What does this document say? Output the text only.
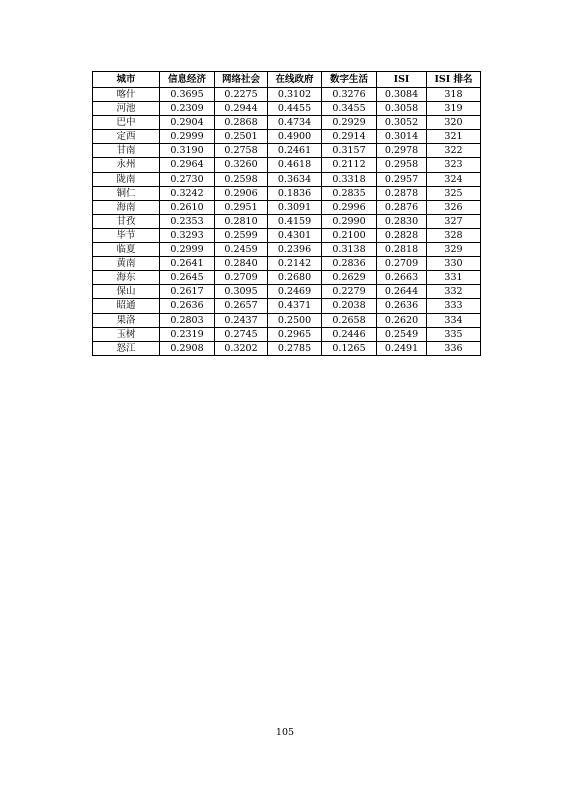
城市	信息经济	网络社会	在线政府	数字生活	ISI	ISI 排名
喀什	0.3695	0.2275	0.3102	0.3276	0.3084	318
河池	0.2309	0.2944	0.4455	0.3455	0.3058	319
巴中	0.2904	0.2868	0.4734	0.2929	0.3052	320
定西	0.2999	0.2501	0.4900	0.2914	0.3014	321
甘南	0.3190	0.2758	0.2461	0.3157	0.2978	322
永州	0.2964	0.3260	0.4618	0.2112	0.2958	323
陇南	0.2730	0.2598	0.3634	0.3318	0.2957	324
铜仁	0.3242	0.2906	0.1836	0.2835	0.2878	325
海南	0.2610	0.2951	0.3091	0.2996	0.2876	326
甘孜	0.2353	0.2810	0.4159	0.2990	0.2830	327
毕节	0.3293	0.2599	0.4301	0.2100	0.2828	328
临夏	0.2999	0.2459	0.2396	0.3138	0.2818	329
黄南	0.2641	0.2840	0.2142	0.2836	0.2709	330
海东	0.2645	0.2709	0.2680	0.2629	0.2663	331
保山	0.2617	0.3095	0.2469	0.2279	0.2644	332
昭通	0.2636	0.2657	0.4371	0.2038	0.2636	333
果洛	0.2803	0.2437	0.2500	0.2658	0.2620	334
玉树	0.2319	0.2745	0.2965	0.2446	0.2549	335
怒江	0.2908	0.3202	0.2785	0.1265	0.2491	336
105
